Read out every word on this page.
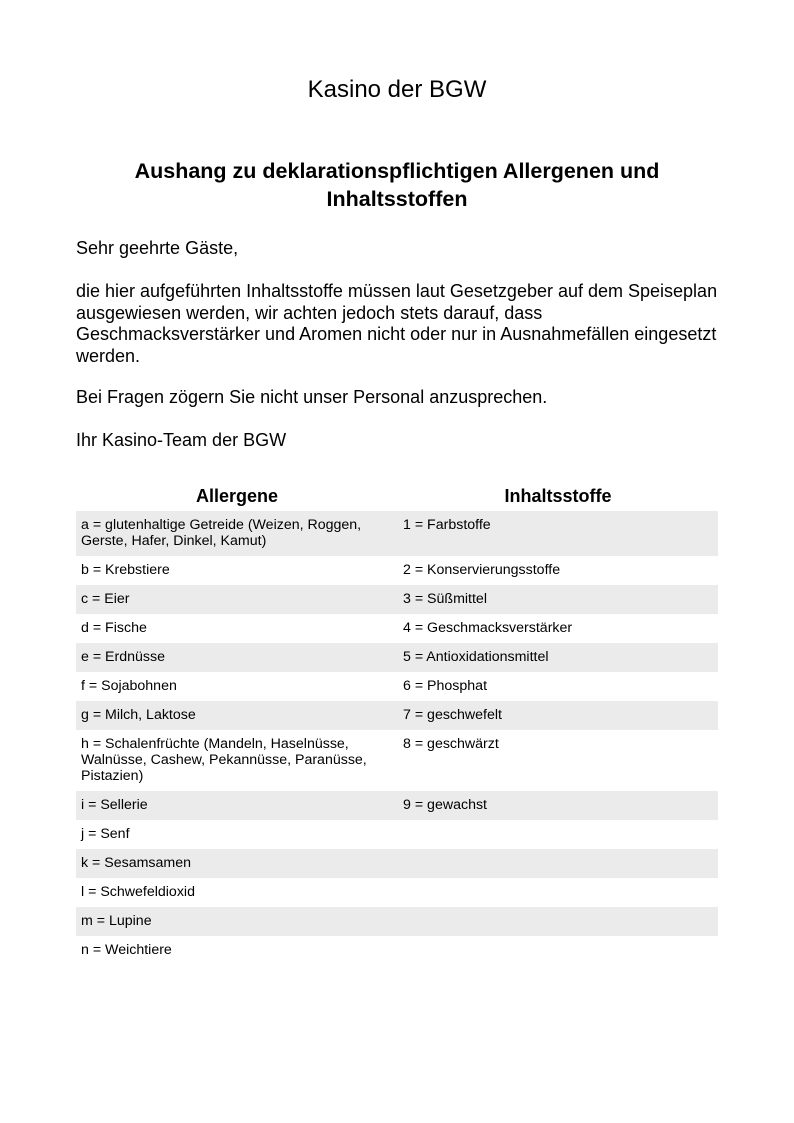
Kasino der BGW
Aushang zu deklarationspflichtigen Allergenen und Inhaltsstoffen

Sehr geehrte Gäste,

die hier aufgeführten Inhaltsstoffe müssen laut Gesetzgeber auf dem Speiseplan ausgewiesen werden, wir achten jedoch stets darauf, dass Geschmacksverstärker und Aromen nicht oder nur in Ausnahmefällen eingesetzt werden.

Bei Fragen zögern Sie nicht unser Personal anzusprechen.

Ihr Kasino-Team der BGW

Allergene	Inhaltsstoffe
a = glutenhaltige Getreide (Weizen, Roggen, Gerste, Hafer, Dinkel, Kamut)	1 = Farbstoffe
b = Krebstiere	2 = Konservierungsstoffe
c = Eier	3 = Süßmittel
d = Fische	4 = Geschmacksverstärker
e = Erdnüsse	5 = Antioxidationsmittel
f = Sojabohnen	6 = Phosphat
g = Milch, Laktose	7 = geschwefelt
h = Schalenfrüchte (Mandeln, Haselnüsse, Walnüsse, Cashew, Pekannüsse, Paranüsse, Pistazien)	8 = geschwärzt
i = Sellerie	9 = gewachst
j = Senf	
k = Sesamsamen	
l = Schwefeldioxid	
m = Lupine	
n = Weichtiere	
